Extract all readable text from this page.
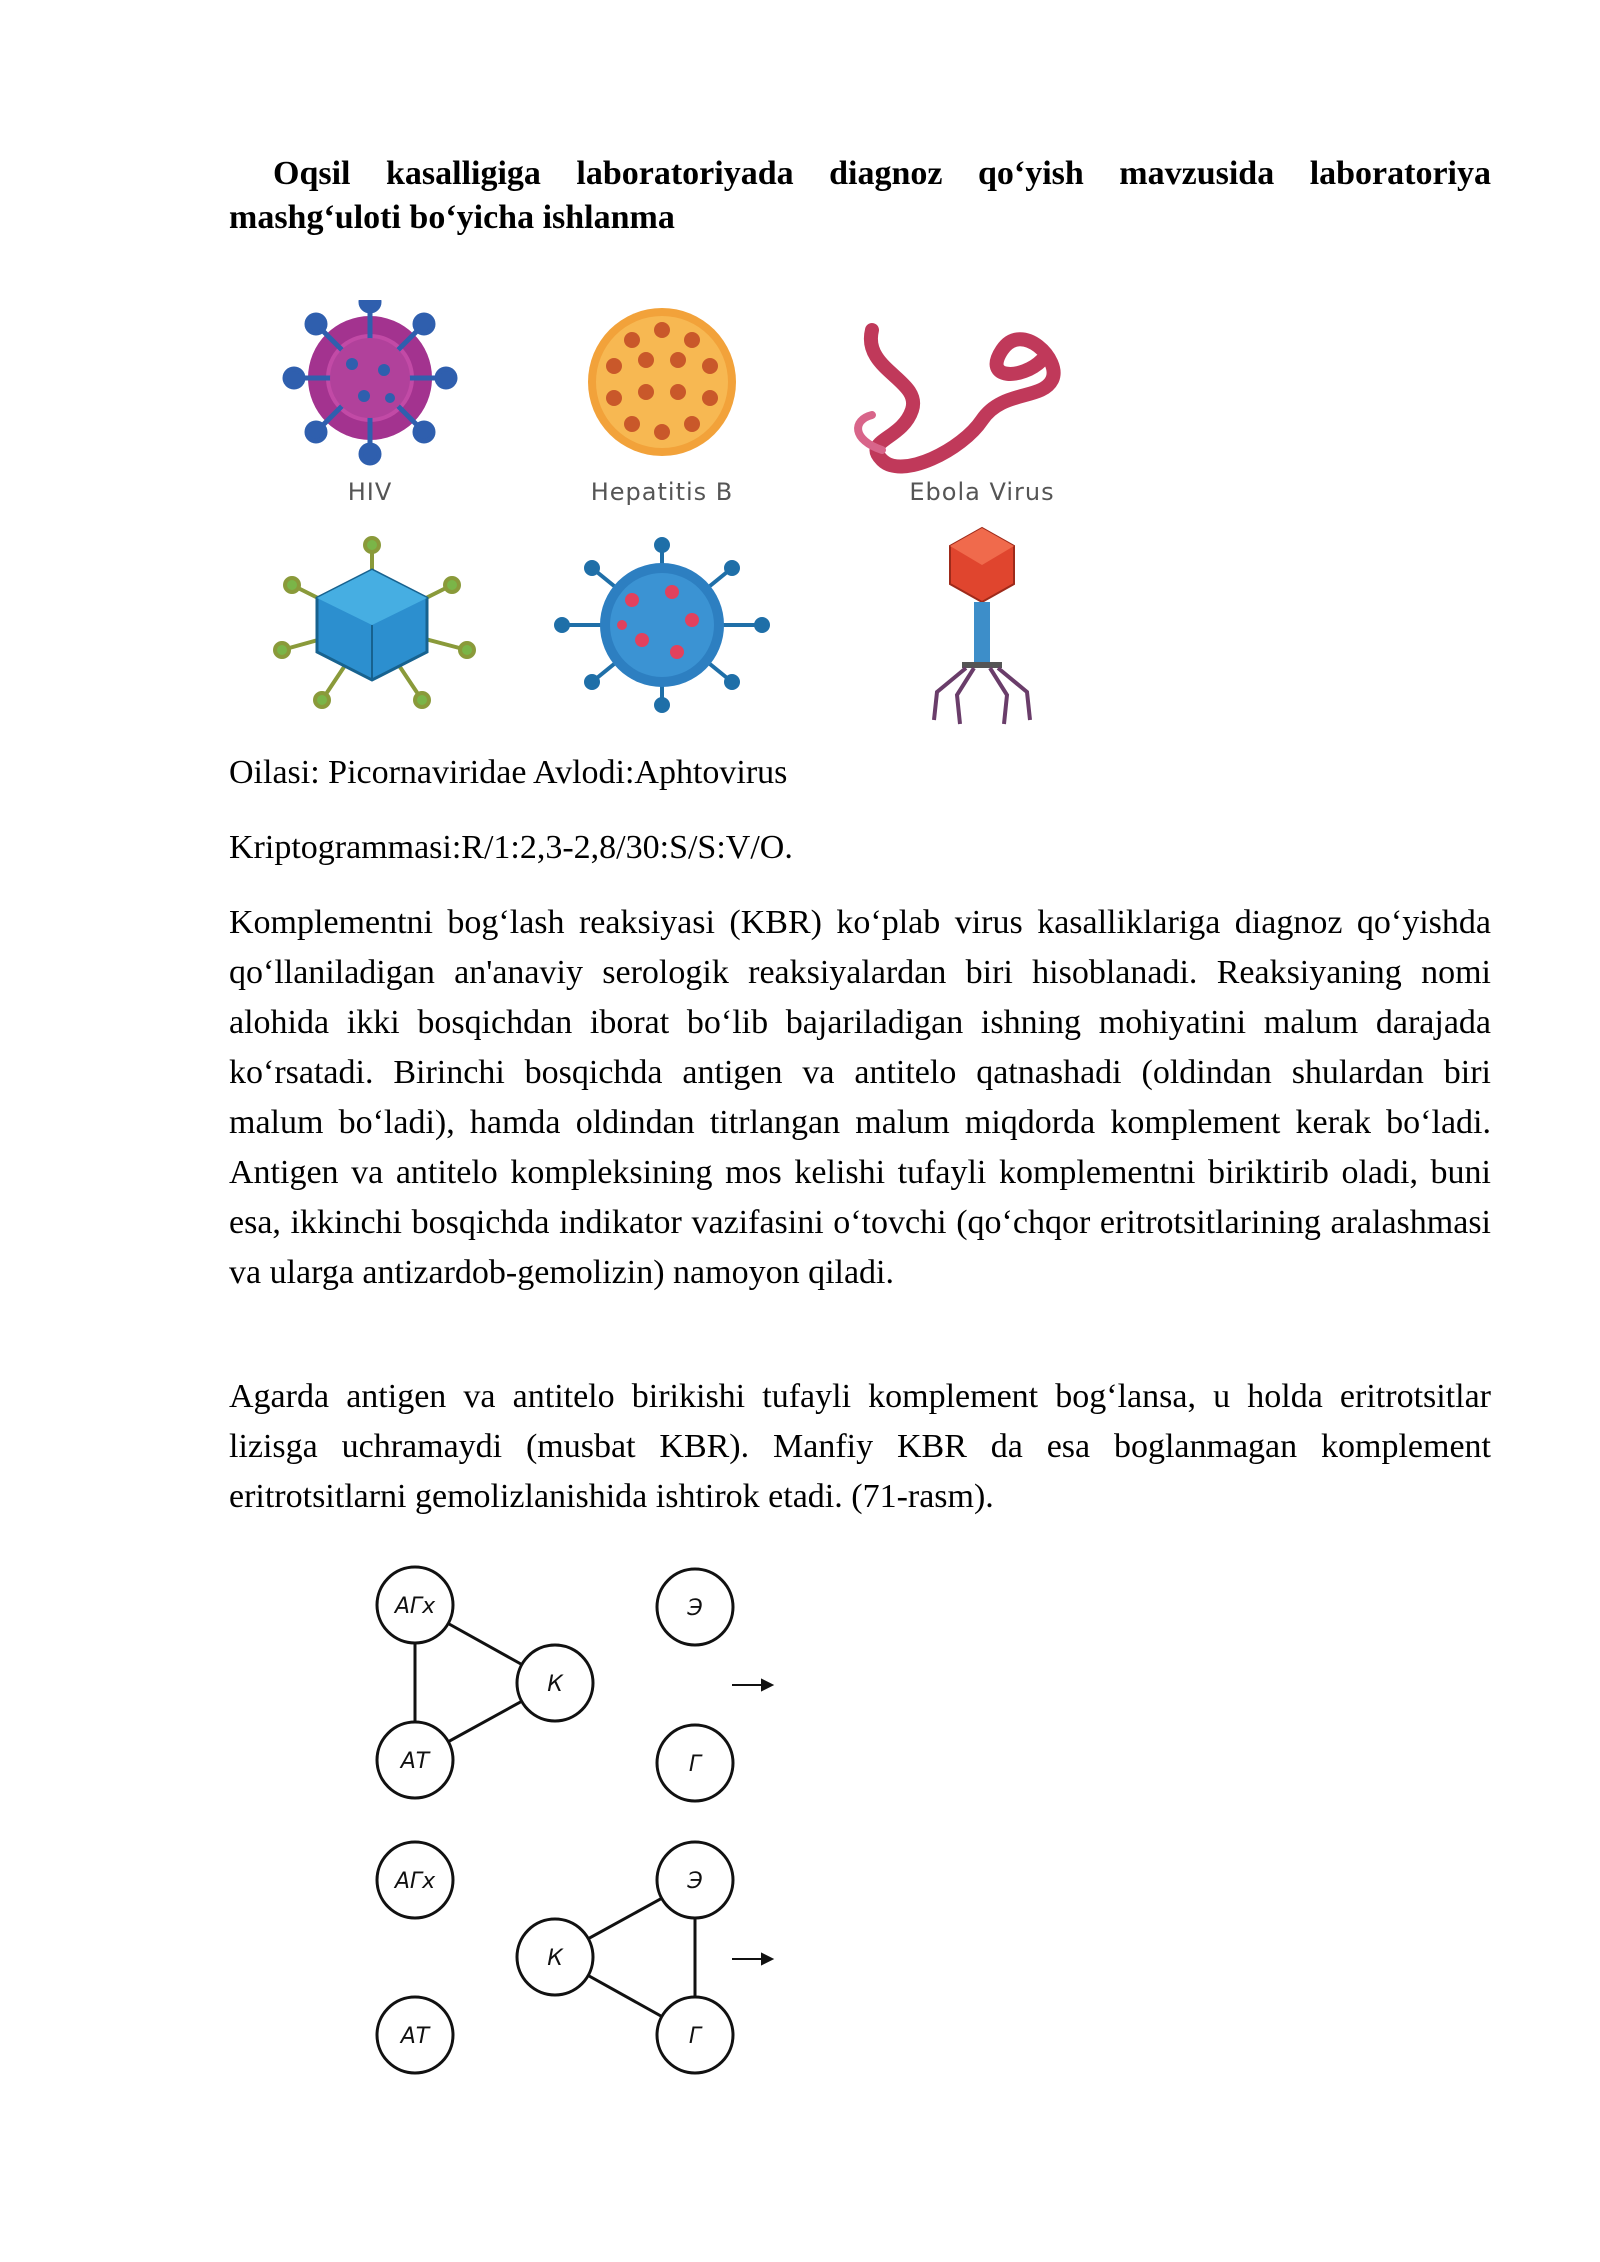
Oqsil kasalligiga laboratoriyada diagnoz qo‘yish mavzusida laboratoriya mashg‘uloti bo‘yicha ishlanma

HIV	Hepatitis B	Ebola Virus

Oilasi: Picornaviridae Avlodi:Aphtovirus

Kriptogrammasi:R/1:2,3-2,8/30:S/S:V/O.

Komplementni bog‘lash reaksiyasi (KBR) ko‘plab virus kasalliklariga diagnoz qo‘yishda qo‘llaniladigan an'anaviy serologik reaksiyalardan biri hisoblanadi. Reaksiyaning nomi alohida ikki bosqichdan iborat bo‘lib bajariladigan ishning mohiyatini malum darajada ko‘rsatadi. Birinchi bosqichda antigen va antitelo qatnashadi (oldindan shulardan biri malum bo‘ladi), hamda oldindan titrlangan malum miqdorda komplement kerak bo‘ladi. Antigen va antitelo kompleksining mos kelishi tufayli komplementni biriktirib oladi, buni esa, ikkinchi bosqichda indikator vazifasini o‘tovchi (qo‘chqor eritrotsitlarining aralashmasi va ularga antizardob-gemolizin) namoyon qiladi.

Agarda antigen va antitelo birikishi tufayli komplement bog‘lansa, u holda eritrotsitlar lizisga uchramaydi (musbat KBR). Manfiy KBR da esa boglanmagan komplement eritrotsitlarni gemolizlanishida ishtirok etadi. (71-rasm).

АГх
К
АТ
Э
Г
АГх
АТ
К
Э
Г
